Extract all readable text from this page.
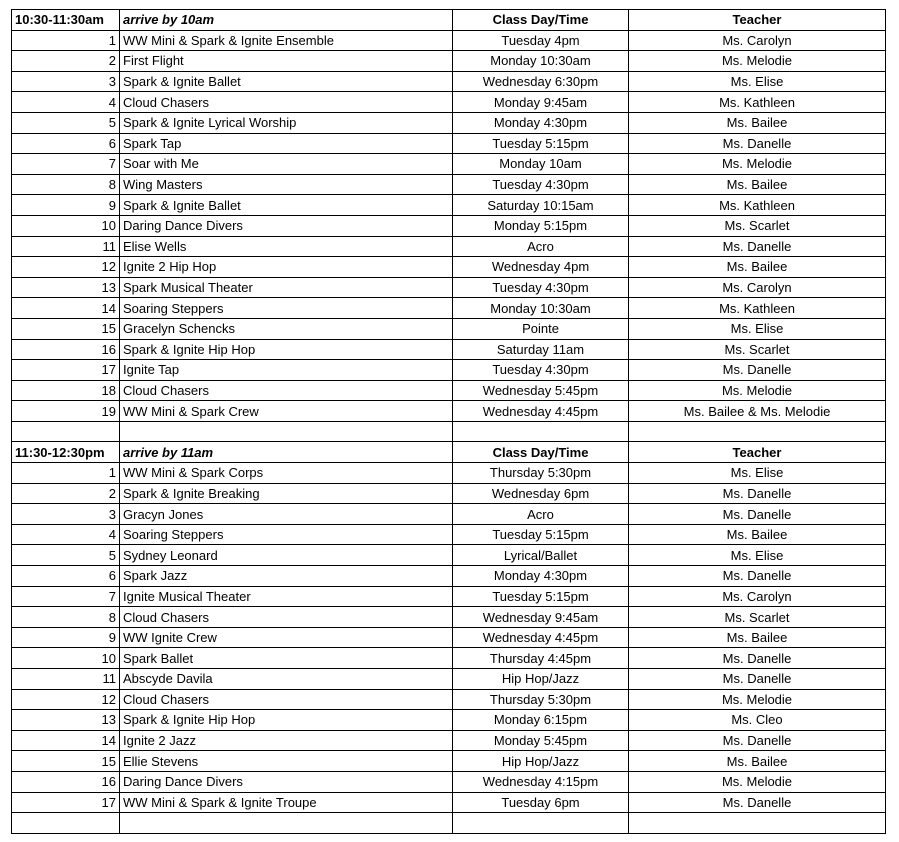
10:30-11:30am	arrive by 10am	Class Day/Time	Teacher
1	WW Mini & Spark & Ignite Ensemble	Tuesday 4pm	Ms. Carolyn
2	First Flight	Monday 10:30am	Ms. Melodie
3	Spark & Ignite Ballet	Wednesday 6:30pm	Ms. Elise
4	Cloud Chasers	Monday 9:45am	Ms. Kathleen
5	Spark & Ignite Lyrical Worship	Monday 4:30pm	Ms. Bailee
6	Spark Tap	Tuesday 5:15pm	Ms. Danelle
7	Soar with Me	Monday 10am	Ms. Melodie
8	Wing Masters	Tuesday 4:30pm	Ms. Bailee
9	Spark & Ignite Ballet	Saturday 10:15am	Ms. Kathleen
10	Daring Dance Divers	Monday 5:15pm	Ms. Scarlet
11	Elise Wells	Acro	Ms. Danelle
12	Ignite 2 Hip Hop	Wednesday 4pm	Ms. Bailee
13	Spark Musical Theater	Tuesday 4:30pm	Ms. Carolyn
14	Soaring Steppers	Monday 10:30am	Ms. Kathleen
15	Gracelyn Schencks	Pointe	Ms. Elise
16	Spark & Ignite Hip Hop	Saturday 11am	Ms. Scarlet
17	Ignite Tap	Tuesday 4:30pm	Ms. Danelle
18	Cloud Chasers	Wednesday 5:45pm	Ms. Melodie
19	WW Mini & Spark Crew	Wednesday 4:45pm	Ms. Bailee & Ms. Melodie

11:30-12:30pm	arrive by 11am	Class Day/Time	Teacher
1	WW Mini & Spark Corps	Thursday 5:30pm	Ms. Elise
2	Spark & Ignite Breaking	Wednesday 6pm	Ms. Danelle
3	Gracyn Jones	Acro	Ms. Danelle
4	Soaring Steppers	Tuesday 5:15pm	Ms. Bailee
5	Sydney Leonard	Lyrical/Ballet	Ms. Elise
6	Spark Jazz	Monday 4:30pm	Ms. Danelle
7	Ignite Musical Theater	Tuesday 5:15pm	Ms. Carolyn
8	Cloud Chasers	Wednesday 9:45am	Ms. Scarlet
9	WW Ignite Crew	Wednesday 4:45pm	Ms. Bailee
10	Spark Ballet	Thursday 4:45pm	Ms. Danelle
11	Abscyde Davila	Hip Hop/Jazz	Ms. Danelle
12	Cloud Chasers	Thursday 5:30pm	Ms. Melodie
13	Spark & Ignite Hip Hop	Monday 6:15pm	Ms. Cleo
14	Ignite 2 Jazz	Monday 5:45pm	Ms. Danelle
15	Ellie Stevens	Hip Hop/Jazz	Ms. Bailee
16	Daring Dance Divers	Wednesday 4:15pm	Ms. Melodie
17	WW Mini & Spark & Ignite Troupe	Tuesday 6pm	Ms. Danelle
